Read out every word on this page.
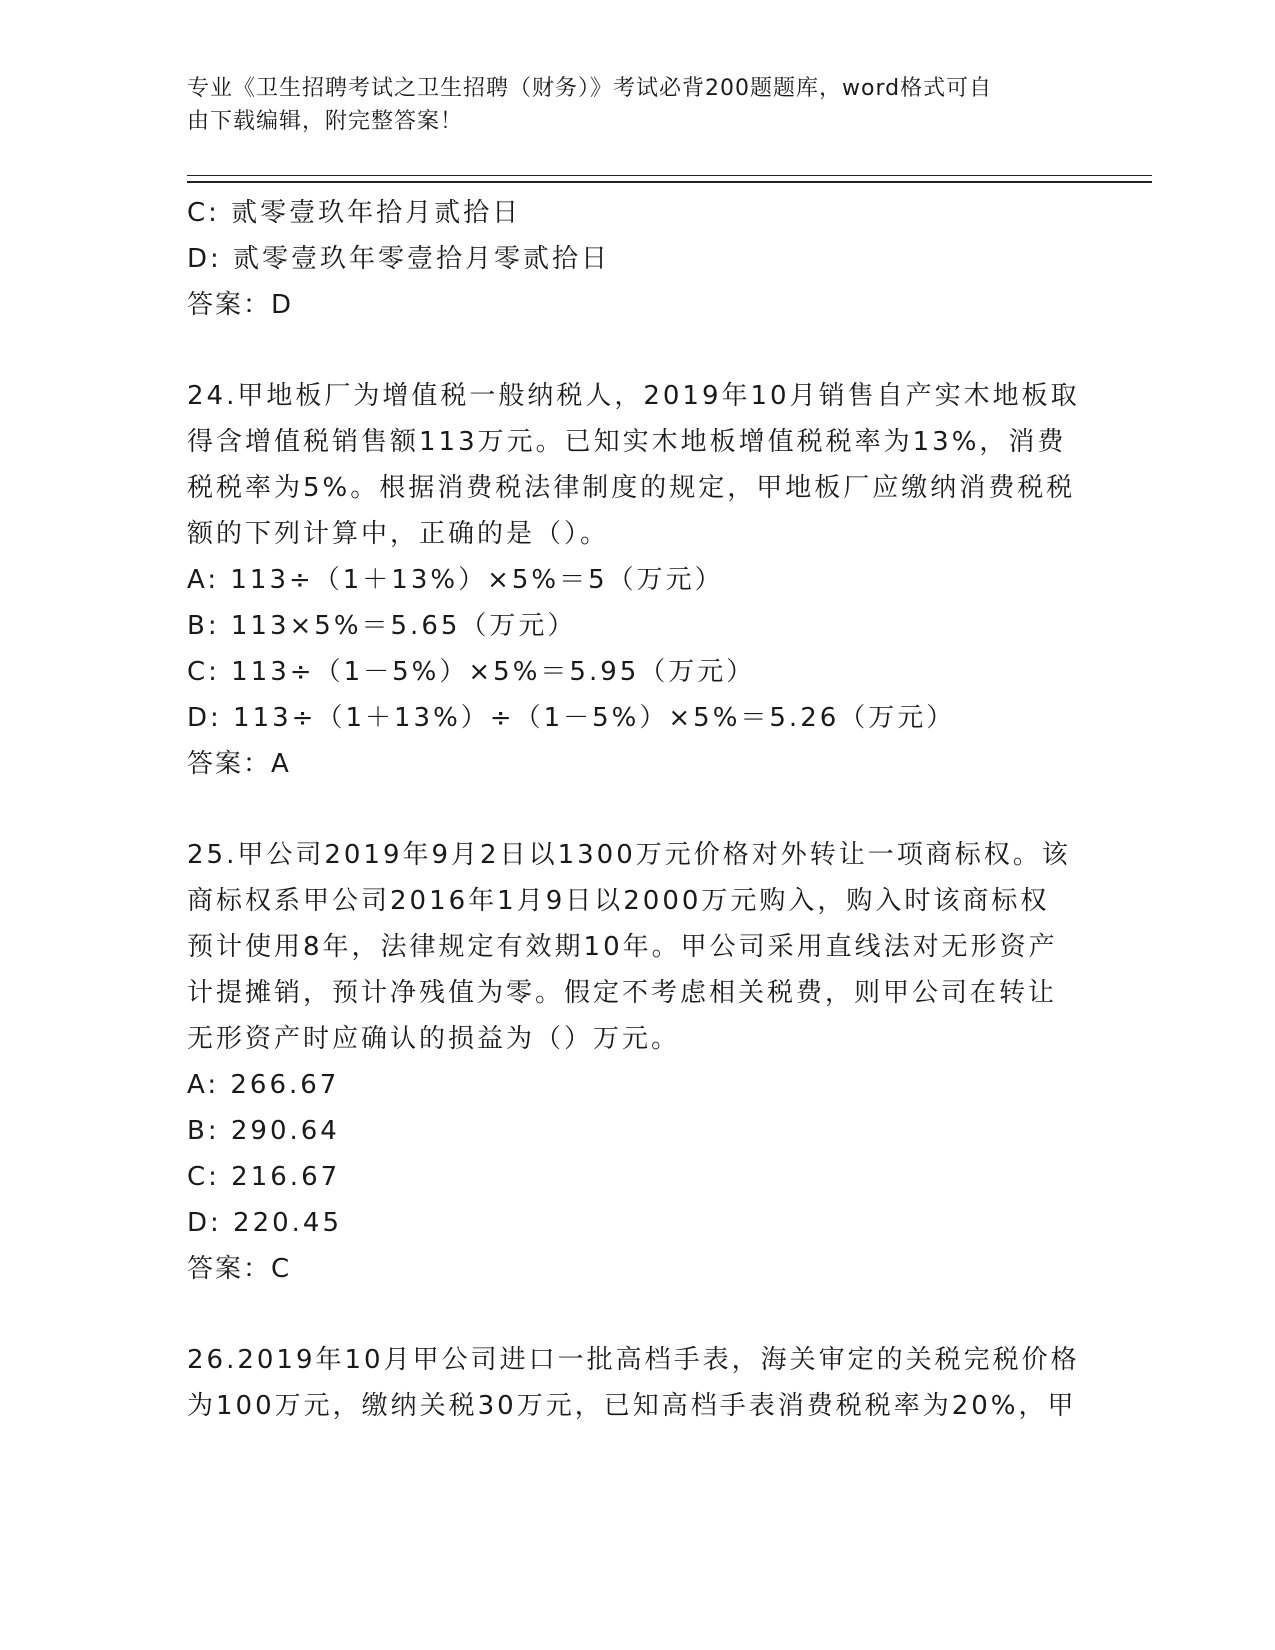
专业《卫生招聘考试之卫生招聘（财务）》考试必背200题题库，word格式可自
由下载编辑，附完整答案！

C: 贰零壹玖年拾月贰拾日

D: 贰零壹玖年零壹拾月零贰拾日

答案：D

24.甲地板厂为增值税一般纳税人，2019年10月销售自产实木地板取

得含增值税销售额113万元。已知实木地板增值税税率为13%，消费

税税率为5%。根据消费税法律制度的规定，甲地板厂应缴纳消费税税

额的下列计算中，正确的是（）。

A: 113÷（1＋13%）×5%＝5（万元）

B: 113×5%＝5.65（万元）

C: 113÷（1－5%）×5%＝5.95（万元）

D: 113÷（1＋13%）÷（1－5%）×5%＝5.26（万元）

答案：A

25.甲公司2019年9月2日以1300万元价格对外转让一项商标权。该

商标权系甲公司2016年1月9日以2000万元购入，购入时该商标权

预计使用8年，法律规定有效期10年。甲公司采用直线法对无形资产

计提摊销，预计净残值为零。假定不考虑相关税费，则甲公司在转让

无形资产时应确认的损益为（）万元。

A: 266.67

B: 290.64

C: 216.67

D: 220.45

答案：C

26.2019年10月甲公司进口一批高档手表，海关审定的关税完税价格

为100万元，缴纳关税30万元，已知高档手表消费税税率为20%，甲
